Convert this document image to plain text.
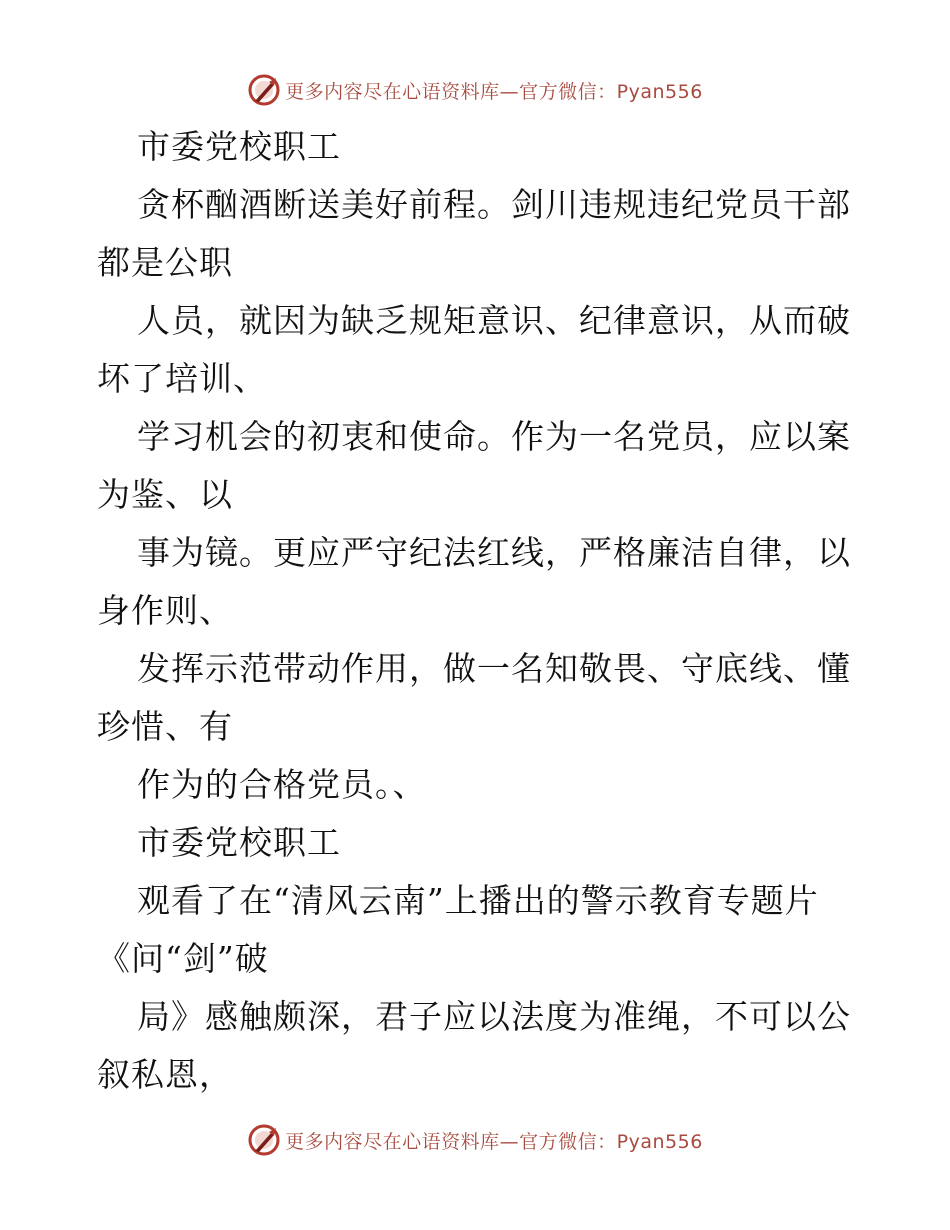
更多内容尽在心语资料库—官方微信：Pyan556

市委党校职工

贪杯酗酒断送美好前程。剑川违规违纪党员干部都是公职

人员，就因为缺乏规矩意识、纪律意识，从而破坏了培训、

学习机会的初衷和使命。作为一名党员，应以案为鉴、以

事为镜。更应严守纪法红线，严格廉洁自律，以身作则、

发挥示范带动作用，做一名知敬畏、守底线、懂珍惜、有

作为的合格党员。、

市委党校职工

观看了在“清风云南”上播出的警示教育专题片《问“剑”破

局》感触颇深，君子应以法度为准绳，不可以公叙私恩，

更多内容尽在心语资料库—官方微信：Pyan556
